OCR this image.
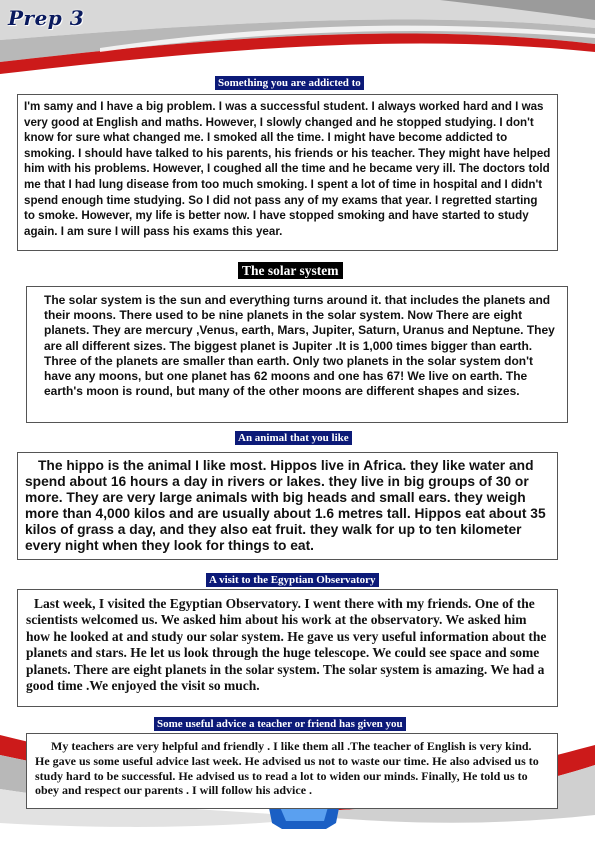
Prep 3
Something you are addicted to

I'm samy and I have a big problem. I was a successful student. I always worked hard and I was very good at English and maths. However, I slowly changed and he stopped studying. I don't know for sure what changed me. I smoked all the time. I might have become addicted to smoking. I should have talked to his parents, his friends or his teacher. They might have helped him with his problems. However, I coughed all the time and he became very ill. The doctors told me that I had lung disease from too much smoking. I spent a lot of time in hospital and I didn't spend enough time studying. So I did not pass any of my exams that year. I regretted starting to smoke. However, my life is better now. I have stopped smoking and have started to study again. I am sure I will pass his exams this year.

The solar system

The solar system is the sun and everything turns around it. that includes the planets and their moons. There used to be nine planets in the solar system. Now There are eight planets. They are mercury ,Venus, earth, Mars, Jupiter, Saturn, Uranus and Neptune. They are all different sizes. The biggest planet is Jupiter .It is 1,000 times bigger than earth. Three of the planets are smaller than earth. Only two planets in the solar system don't have any moons, but one planet has 62 moons and one has 67! We live on earth. The earth's moon is round, but many of the other moons are different shapes and sizes.

An animal that you like

The hippo is the animal I like most. Hippos live in Africa. they like water and spend about 16 hours a day in rivers or lakes. they live in big groups of 30 or more. They are very large animals with big heads and small ears. they weigh more than 4,000 kilos and are usually about 1.6 metres tall. Hippos eat about 35 kilos of grass a day, and they also eat fruit. they walk for up to ten kilometer every night when they look for things to eat.

A visit to the Egyptian Observatory

Last week, I visited the Egyptian Observatory. I went there with my friends. One of the scientists welcomed us. We asked him about his work at the observatory. We asked him how he looked at and study our solar system. He gave us very useful information about the planets and stars. He let us look through the huge telescope. We could see space and some planets. There are eight planets in the solar system. The solar system is amazing. We had a good time .We enjoyed the visit so much.

Some useful advice a teacher or friend has given you

My teachers are very helpful and friendly . I like them all .The teacher of English is very kind. He gave us some useful advice last week. He advised us not to waste our time. He also advised us to study hard to be successful. He advised us to read a lot to widen our minds. Finally, He told us to obey and respect our parents . I will follow his advice .
